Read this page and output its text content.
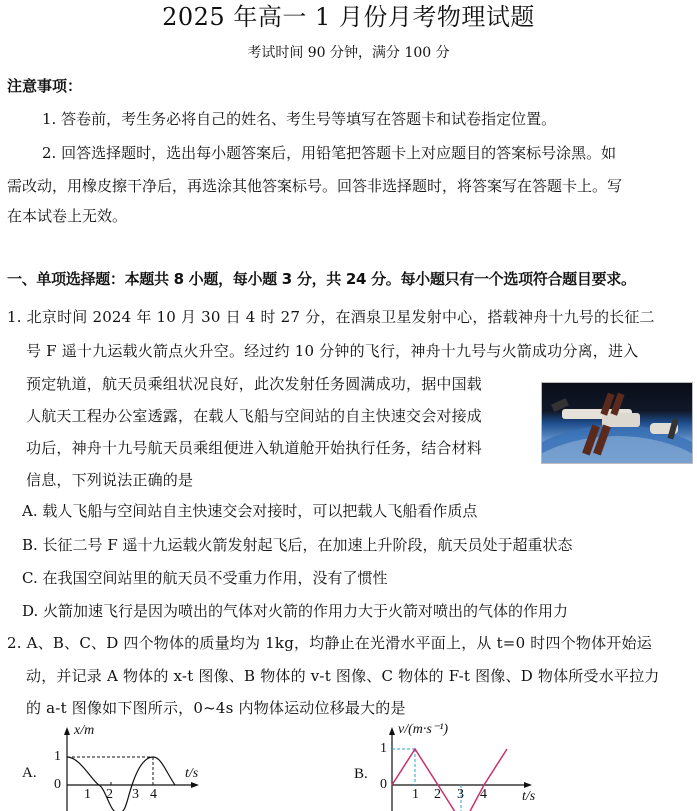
2025 年高一 1 月份月考物理试题
考试时间 90 分钟，满分 100 分
注意事项：
1. 答卷前，考生务必将自己的姓名、考生号等填写在答题卡和试卷指定位置。
2. 回答选择题时，选出每小题答案后，用铅笔把答题卡上对应题目的答案标号涂黑。如
需改动，用橡皮擦干净后，再选涂其他答案标号。回答非选择题时，将答案写在答题卡上。写
在本试卷上无效。
一、单项选择题：本题共 8 小题，每小题 3 分，共 24 分。每小题只有一个选项符合题目要求。
1. 北京时间 2024 年 10 月 30 日 4 时 27 分，在酒泉卫星发射中心，搭载神舟十九号的长征二
号 F 遥十九运载火箭点火升空。经过约 10 分钟的飞行，神舟十九号与火箭成功分离，进入
预定轨道，航天员乘组状况良好，此次发射任务圆满成功，据中国载
人航天工程办公室透露，在载人飞船与空间站的自主快速交会对接成
功后，神舟十九号航天员乘组便进入轨道舱开始执行任务，结合材料
信息，下列说法正确的是
A. 载人飞船与空间站自主快速交会对接时，可以把载人飞船看作质点
B. 长征二号 F 遥十九运载火箭发射起飞后，在加速上升阶段，航天员处于超重状态
C. 在我国空间站里的航天员不受重力作用，没有了惯性
D. 火箭加速飞行是因为喷出的气体对火箭的作用力大于火箭对喷出的气体的作用力
2. A、B、C、D 四个物体的质量均为 1kg，均静止在光滑水平面上，从 t=0 时四个物体开始运
动，并记录 A 物体的 x-t 图像、B 物体的 v-t 图像、C 物体的 F-t 图像、D 物体所受水平拉力
的 a-t 图像如下图所示，0~4s 内物体运动位移最大的是
A.
x/m
t/s
1
0
1 2 3 4
B.
v/(m·s⁻¹)
t/s
1
0
1 2 3 4
